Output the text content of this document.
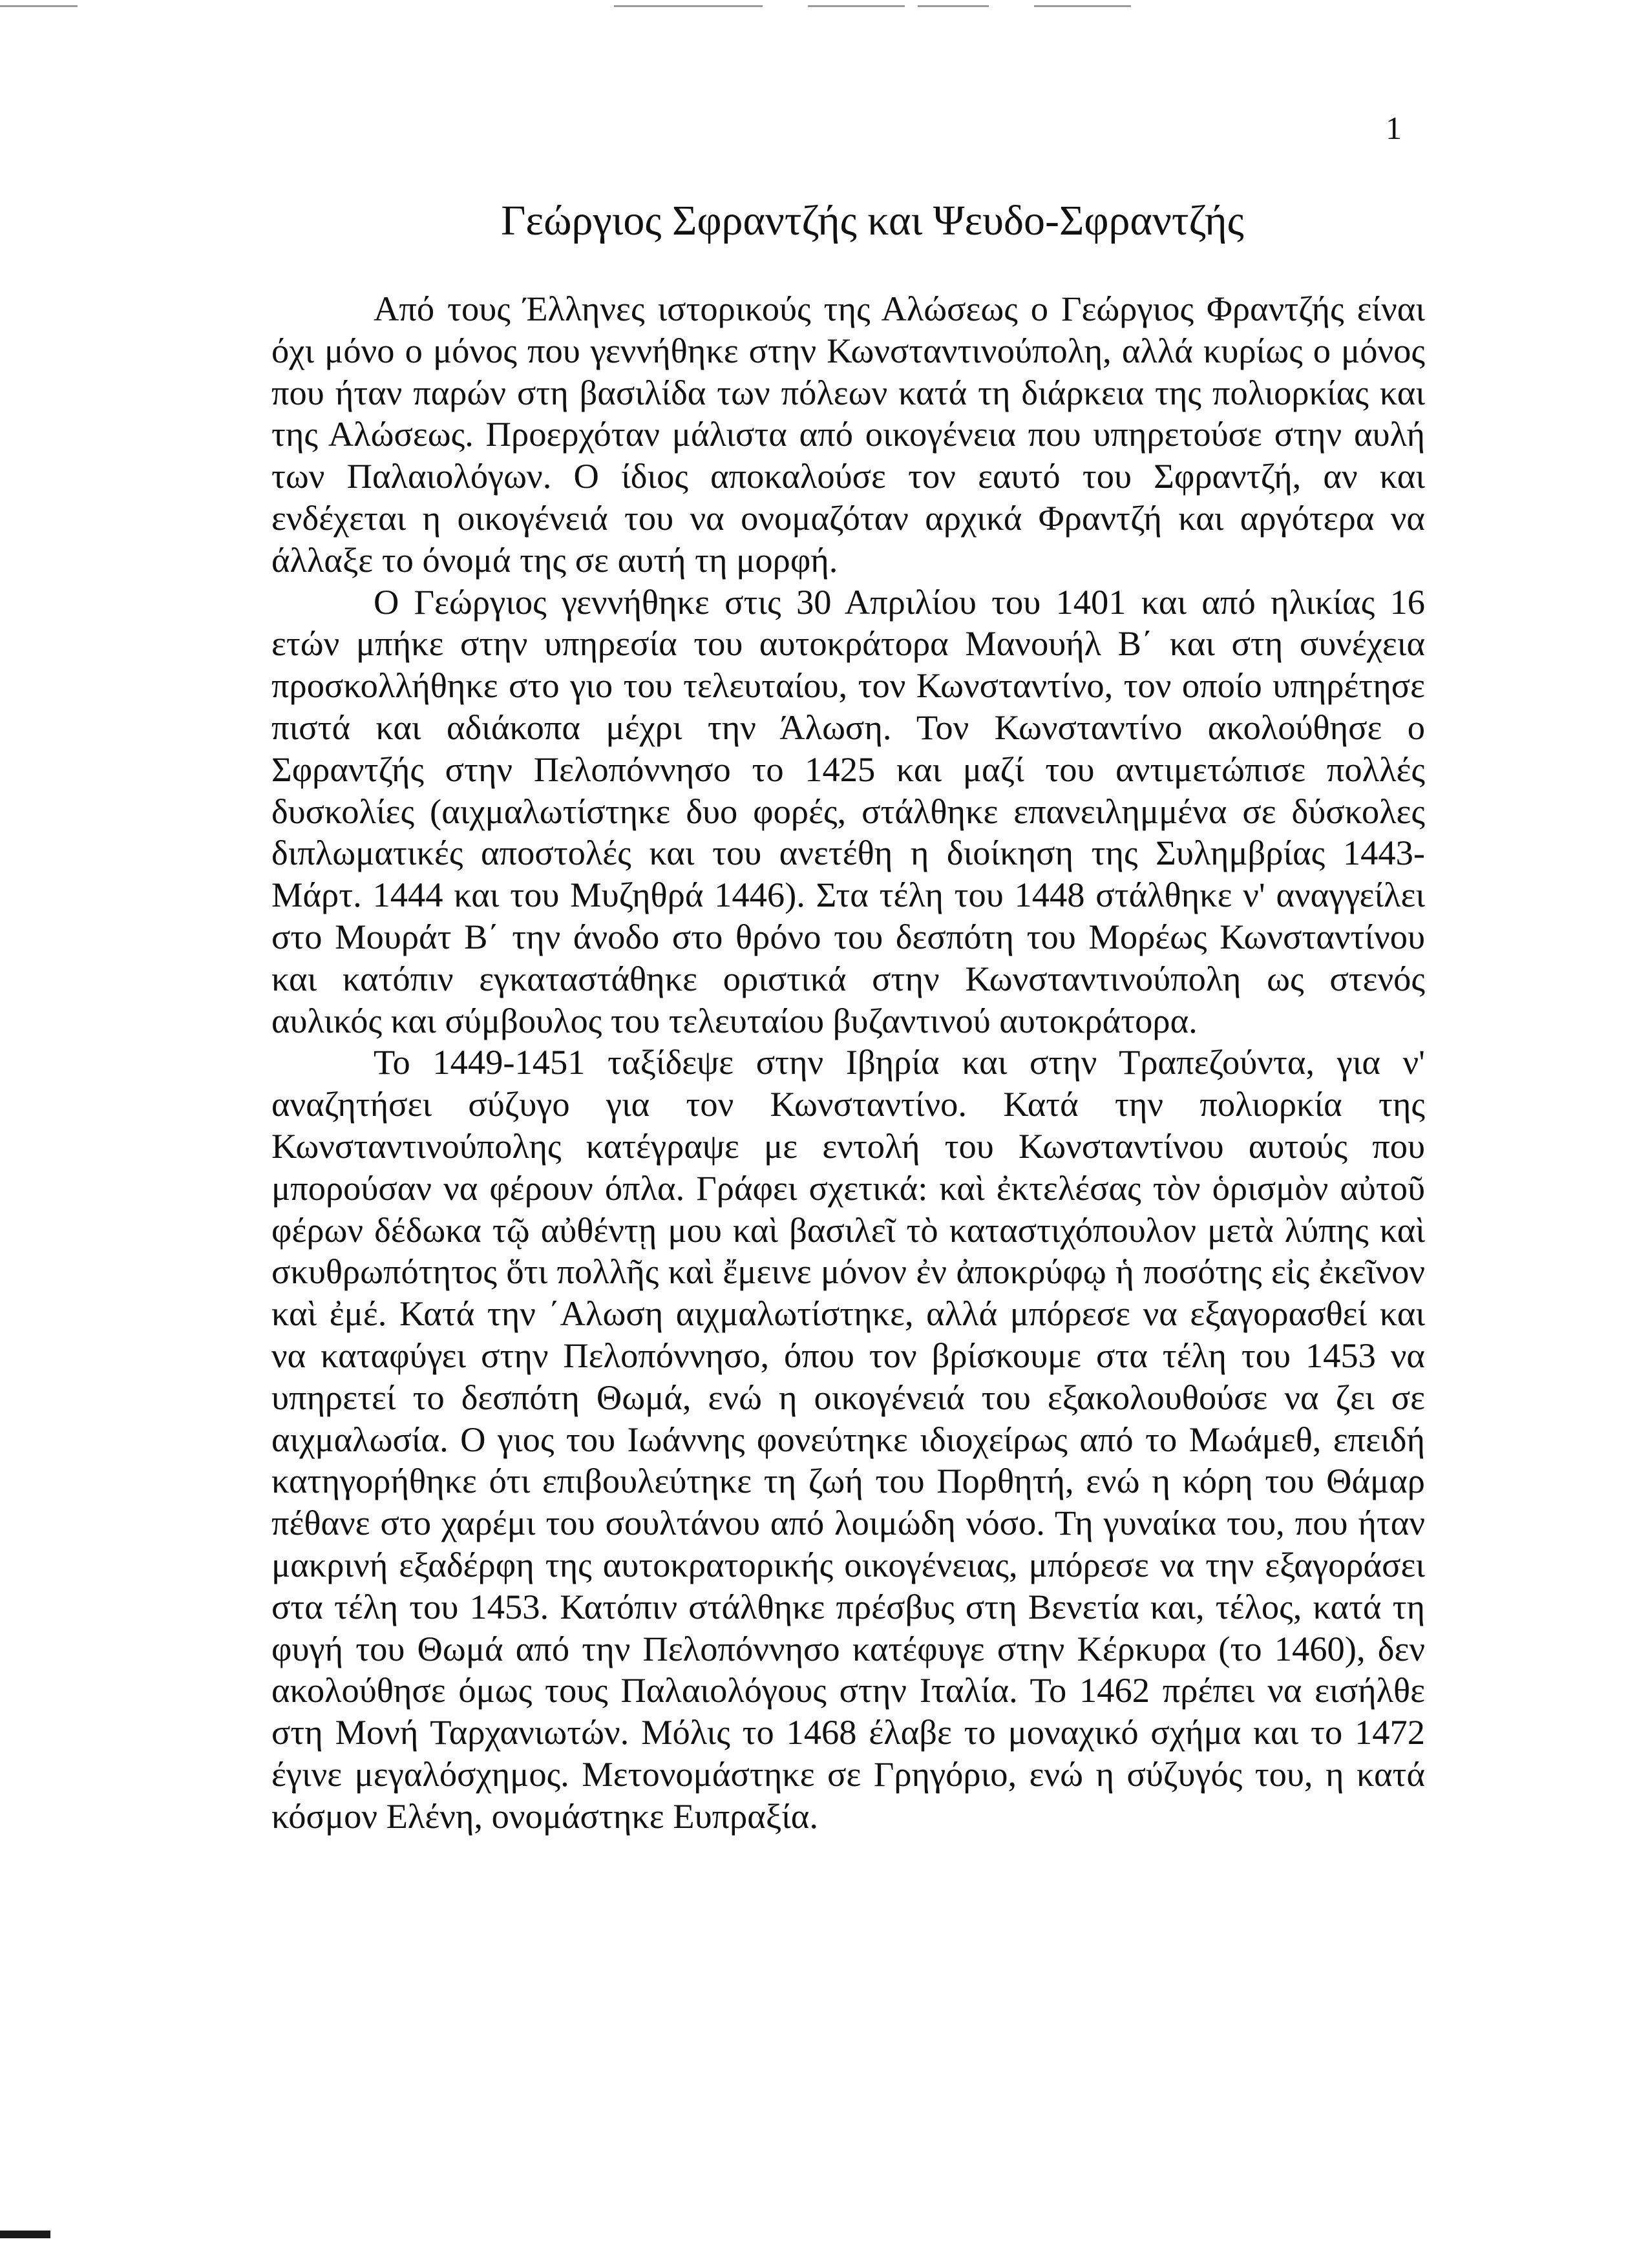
1
Γεώργιος Σφραντζής και Ψευδο-Σφραντζής

Από τους Έλληνες ιστορικούς της Αλώσεως ο Γεώργιος Φραντζής είναι όχι μόνο ο μόνος που γεννήθηκε στην Κωνσταντινούπολη, αλλά κυρίως ο μόνος που ήταν παρών στη βασιλίδα των πόλεων κατά τη διάρκεια της πολιορκίας και της Αλώσεως. Προερχόταν μάλιστα από οικογένεια που υπηρετούσε στην αυλή των Παλαιολόγων. Ο ίδιος αποκαλούσε τον εαυτό του Σφραντζή, αν και ενδέχεται η οικογένειά του να ονομαζόταν αρχικά Φραντζή και αργότερα να άλλαξε το όνομά της σε αυτή τη μορφή.

Ο Γεώργιος γεννήθηκε στις 30 Απριλίου του 1401 και από ηλικίας 16 ετών μπήκε στην υπηρεσία του αυτοκράτορα Μανουήλ Β΄ και στη συνέχεια προσκολλήθηκε στο γιο του τελευταίου, τον Κωνσταντίνο, τον οποίο υπηρέτησε πιστά και αδιάκοπα μέχρι την Άλωση. Τον Κωνσταντίνο ακολούθησε ο Σφραντζής στην Πελοπόννησο το 1425 και μαζί του αντιμετώπισε πολλές δυσκολίες (αιχμαλωτίστηκε δυο φορές, στάλθηκε επανειλημμένα σε δύσκολες διπλωματικές αποστολές και του ανετέθη η διοίκηση της Συλημβρίας 1443-Μάρτ. 1444 και του Μυζηθρά 1446). Στα τέλη του 1448 στάλθηκε ν' αναγγείλει στο Μουράτ Β΄ την άνοδο στο θρόνο του δεσπότη του Μορέως Κωνσταντίνου και κατόπιν εγκαταστάθηκε οριστικά στην Κωνσταντινούπολη ως στενός αυλικός και σύμβουλος του τελευταίου βυζαντινού αυτοκράτορα.

Το 1449-1451 ταξίδεψε στην Ιβηρία και στην Τραπεζούντα, για ν' αναζητήσει σύζυγο για τον Κωνσταντίνο. Κατά την πολιορκία της Κωνσταντινούπολης κατέγραψε με εντολή του Κωνσταντίνου αυτούς που μπορούσαν να φέρουν όπλα. Γράφει σχετικά: καὶ ἐκτελέσας τὸν ὁρισμὸν αὐτοῦ φέρων δέδωκα τῷ αὐθέντῃ μου καὶ βασιλεῖ τὸ καταστιχόπουλον μετὰ λύπης καὶ σκυθρωπότητος ὅτι πολλῆς καὶ ἔμεινε μόνον ἐν ἀποκρύφῳ ἡ ποσότης εἰς ἐκεῖνον καὶ ἐμέ. Κατά την ΄Αλωση αιχμαλωτίστηκε, αλλά μπόρεσε να εξαγορασθεί και να καταφύγει στην Πελοπόννησο, όπου τον βρίσκουμε στα τέλη του 1453 να υπηρετεί το δεσπότη Θωμά, ενώ η οικογένειά του εξακολουθούσε να ζει σε αιχμαλωσία. Ο γιος του Ιωάννης φονεύτηκε ιδιοχείρως από το Μωάμεθ, επειδή κατηγορήθηκε ότι επιβουλεύτηκε τη ζωή του Πορθητή, ενώ η κόρη του Θάμαρ πέθανε στο χαρέμι του σουλτάνου από λοιμώδη νόσο. Τη γυναίκα του, που ήταν μακρινή εξαδέρφη της αυτοκρατορικής οικογένειας, μπόρεσε να την εξαγοράσει στα τέλη του 1453. Κατόπιν στάλθηκε πρέσβυς στη Βενετία και, τέλος, κατά τη φυγή του Θωμά από την Πελοπόννησο κατέφυγε στην Κέρκυρα (το 1460), δεν ακολούθησε όμως τους Παλαιολόγους στην Ιταλία. Το 1462 πρέπει να εισήλθε στη Μονή Ταρχανιωτών. Μόλις το 1468 έλαβε το μοναχικό σχήμα και το 1472 έγινε μεγαλόσχημος. Μετονομάστηκε σε Γρηγόριο, ενώ η σύζυγός του, η κατά κόσμον Ελένη, ονομάστηκε Ευπραξία.
